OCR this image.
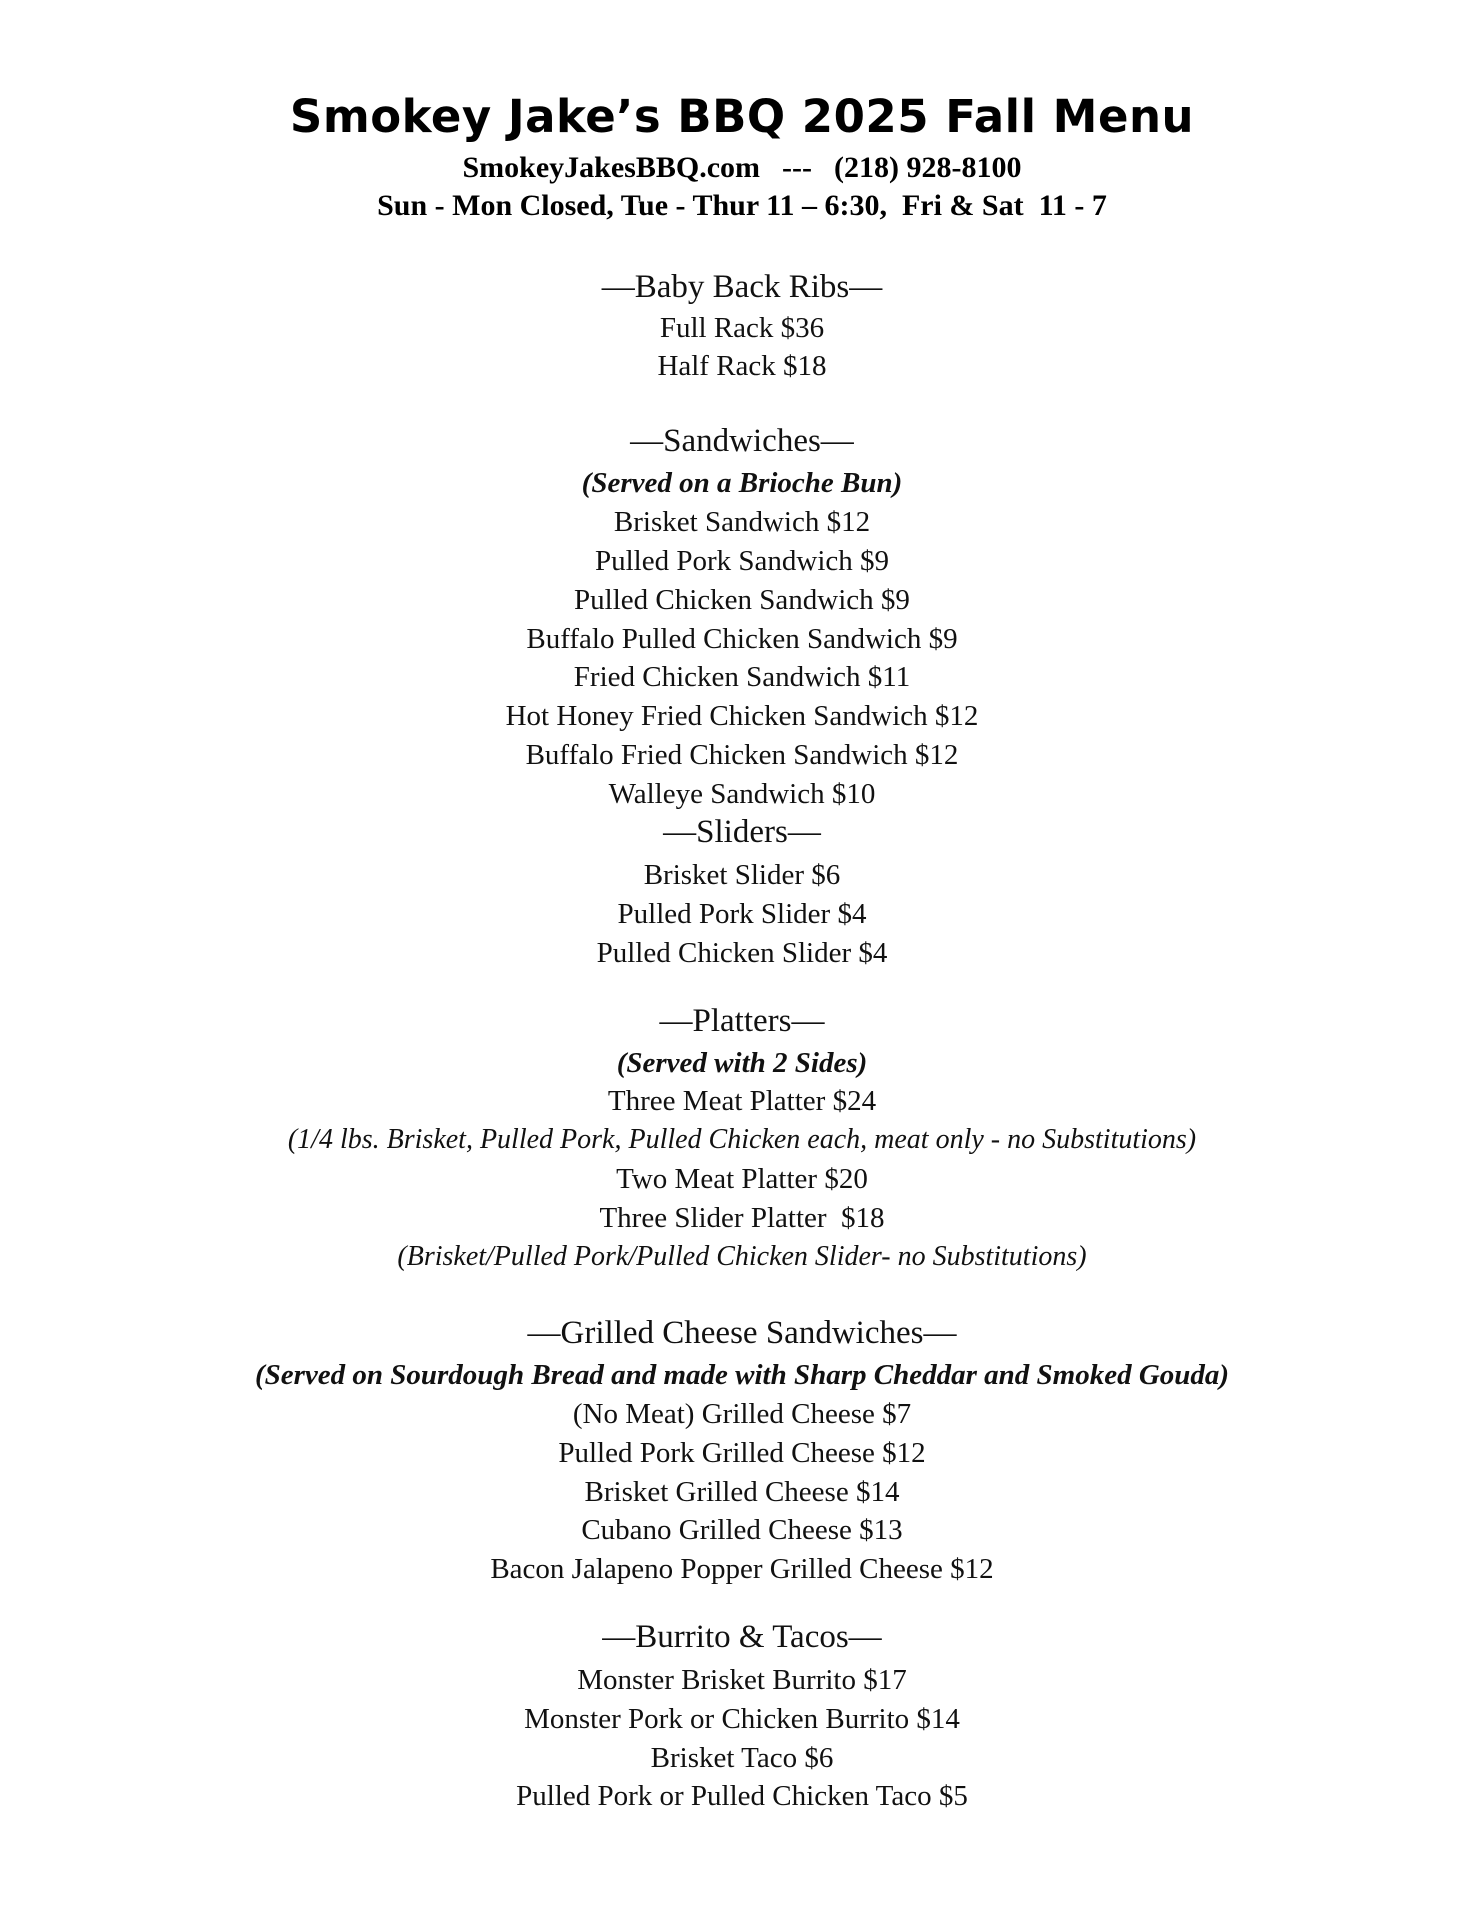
Smokey Jake’s BBQ 2025 Fall Menu
SmokeyJakesBBQ.com --- (218) 928-8100
Sun - Mon Closed, Tue - Thur 11 – 6:30,  Fri & Sat  11 - 7
—Baby Back Ribs—
Full Rack $36
Half Rack $18
—Sandwiches—
(Served on a Brioche Bun)
Brisket Sandwich $12
Pulled Pork Sandwich $9
Pulled Chicken Sandwich $9
Buffalo Pulled Chicken Sandwich $9
Fried Chicken Sandwich $11
Hot Honey Fried Chicken Sandwich $12
Buffalo Fried Chicken Sandwich $12
Walleye Sandwich $10
—Sliders—
Brisket Slider $6
Pulled Pork Slider $4
Pulled Chicken Slider $4
—Platters—
(Served with 2 Sides)
Three Meat Platter $24
(1/4 lbs. Brisket, Pulled Pork, Pulled Chicken each, meat only - no Substitutions)
Two Meat Platter $20
Three Slider Platter  $18
(Brisket/Pulled Pork/Pulled Chicken Slider- no Substitutions)
—Grilled Cheese Sandwiches—
(Served on Sourdough Bread and made with Sharp Cheddar and Smoked Gouda)
(No Meat) Grilled Cheese $7
Pulled Pork Grilled Cheese $12
Brisket Grilled Cheese $14
Cubano Grilled Cheese $13
Bacon Jalapeno Popper Grilled Cheese $12
—Burrito & Tacos—
Monster Brisket Burrito $17
Monster Pork or Chicken Burrito $14
Brisket Taco $6
Pulled Pork or Pulled Chicken Taco $5
